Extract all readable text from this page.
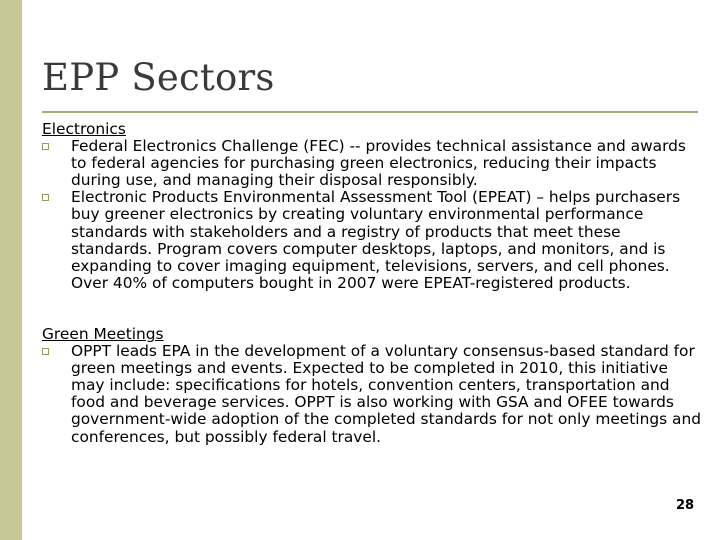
EPP Sectors

Electronics

Federal Electronics Challenge (FEC) -- provides technical assistance and awards to federal agencies for purchasing green electronics, reducing their impacts during use, and managing their disposal responsibly.
Electronic Products Environmental Assessment Tool (EPEAT) – helps purchasers buy greener electronics by creating voluntary environmental performance standards with stakeholders and a registry of products that meet these standards. Program covers computer desktops, laptops, and monitors, and is expanding to cover imaging equipment, televisions, servers, and cell phones. Over 40% of computers bought in 2007 were EPEAT-registered products.

Green Meetings

OPPT leads EPA in the development of a voluntary consensus-based standard for green meetings and events. Expected to be completed in 2010, this initiative may include: specifications for hotels, convention centers, transportation and food and beverage services. OPPT is also working with GSA and OFEE towards government-wide adoption of the completed standards for not only meetings and conferences, but possibly federal travel.
28
